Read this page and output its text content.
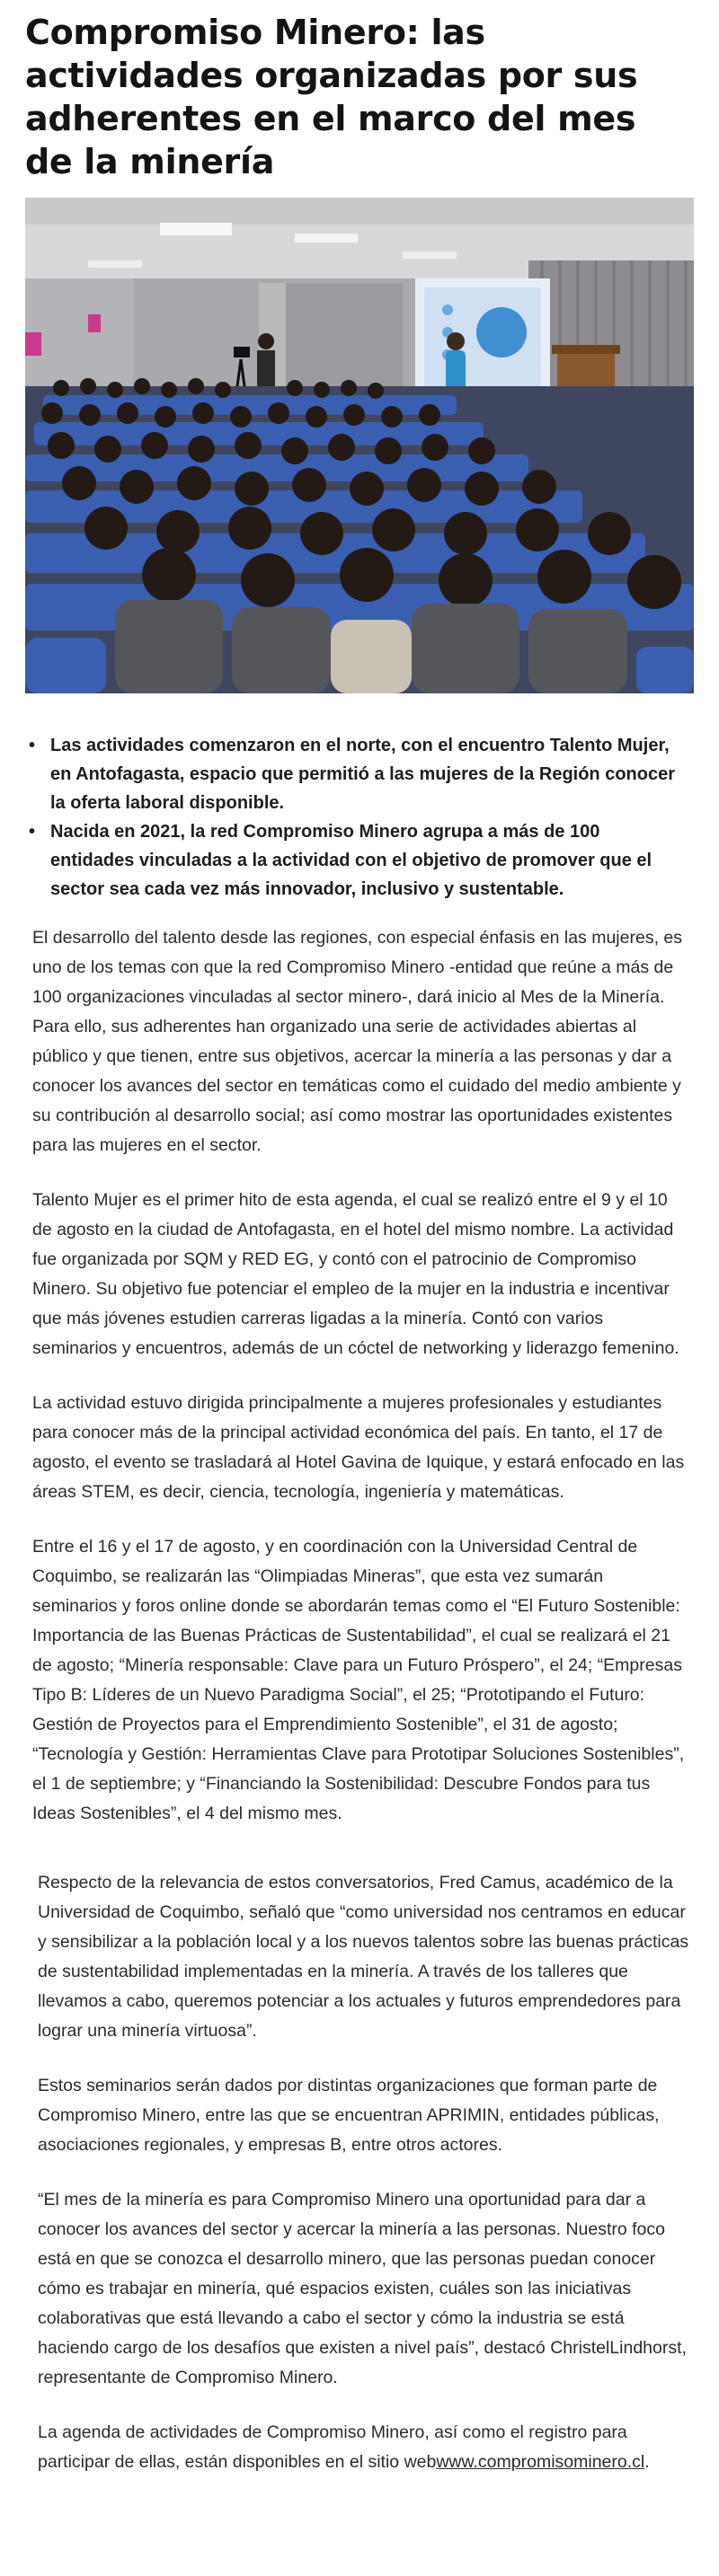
Compromiso Minero: las actividades organizadas por sus adherentes en el marco del mes de la minería
• Las actividades comenzaron en el norte, con el encuentro Talento Mujer, en Antofagasta, espacio que permitió a las mujeres de la Región conocer la oferta laboral disponible.
• Nacida en 2021, la red Compromiso Minero agrupa a más de 100 entidades vinculadas a la actividad con el objetivo de promover que el sector sea cada vez más innovador, inclusivo y sustentable.

El desarrollo del talento desde las regiones, con especial énfasis en las mujeres, es uno de los temas con que la red Compromiso Minero -entidad que reúne a más de 100 organizaciones vinculadas al sector minero-, dará inicio al Mes de la Minería. Para ello, sus adherentes han organizado una serie de actividades abiertas al público y que tienen, entre sus objetivos, acercar la minería a las personas y dar a conocer los avances del sector en temáticas como el cuidado del medio ambiente y su contribución al desarrollo social; así como mostrar las oportunidades existentes para las mujeres en el sector.

Talento Mujer es el primer hito de esta agenda, el cual se realizó entre el 9 y el 10 de agosto en la ciudad de Antofagasta, en el hotel del mismo nombre. La actividad fue organizada por SQM y RED EG, y contó con el patrocinio de Compromiso Minero. Su objetivo fue potenciar el empleo de la mujer en la industria e incentivar que más jóvenes estudien carreras ligadas a la minería. Contó con varios seminarios y encuentros, además de un cóctel de networking y liderazgo femenino.

La actividad estuvo dirigida principalmente a mujeres profesionales y estudiantes para conocer más de la principal actividad económica del país. En tanto, el 17 de agosto, el evento se trasladará al Hotel Gavina de Iquique, y estará enfocado en las áreas STEM, es decir, ciencia, tecnología, ingeniería y matemáticas.

Entre el 16 y el 17 de agosto, y en coordinación con la Universidad Central de Coquimbo, se realizarán las “Olimpiadas Mineras”, que esta vez sumarán seminarios y foros online donde se abordarán temas como el “El Futuro Sostenible: Importancia de las Buenas Prácticas de Sustentabilidad”, el cual se realizará el 21 de agosto; “Minería responsable: Clave para un Futuro Próspero”, el 24; “Empresas Tipo B: Líderes de un Nuevo Paradigma Social”, el 25; “Prototipando el Futuro: Gestión de Proyectos para el Emprendimiento Sostenible”, el 31 de agosto; “Tecnología y Gestión: Herramientas Clave para Prototipar Soluciones Sostenibles”, el 1 de septiembre; y “Financiando la Sostenibilidad: Descubre Fondos para tus Ideas Sostenibles”, el 4 del mismo mes.

Respecto de la relevancia de estos conversatorios, Fred Camus, académico de la Universidad de Coquimbo, señaló que “como universidad nos centramos en educar y sensibilizar a la población local y a los nuevos talentos sobre las buenas prácticas de sustentabilidad implementadas en la minería. A través de los talleres que llevamos a cabo, queremos potenciar a los actuales y futuros emprendedores para lograr una minería virtuosa”.

Estos seminarios serán dados por distintas organizaciones que forman parte de Compromiso Minero, entre las que se encuentran APRIMIN, entidades públicas, asociaciones regionales, y empresas B, entre otros actores.

“El mes de la minería es para Compromiso Minero una oportunidad para dar a conocer los avances del sector y acercar la minería a las personas. Nuestro foco está en que se conozca el desarrollo minero, que las personas puedan conocer cómo es trabajar en minería, qué espacios existen, cuáles son las iniciativas colaborativas que está llevando a cabo el sector y cómo la industria se está haciendo cargo de los desafíos que existen a nivel país”, destacó ChristelLindhorst, representante de Compromiso Minero.

La agenda de actividades de Compromiso Minero, así como el registro para participar de ellas, están disponibles en el sitio webwww.compromisominero.cl.
